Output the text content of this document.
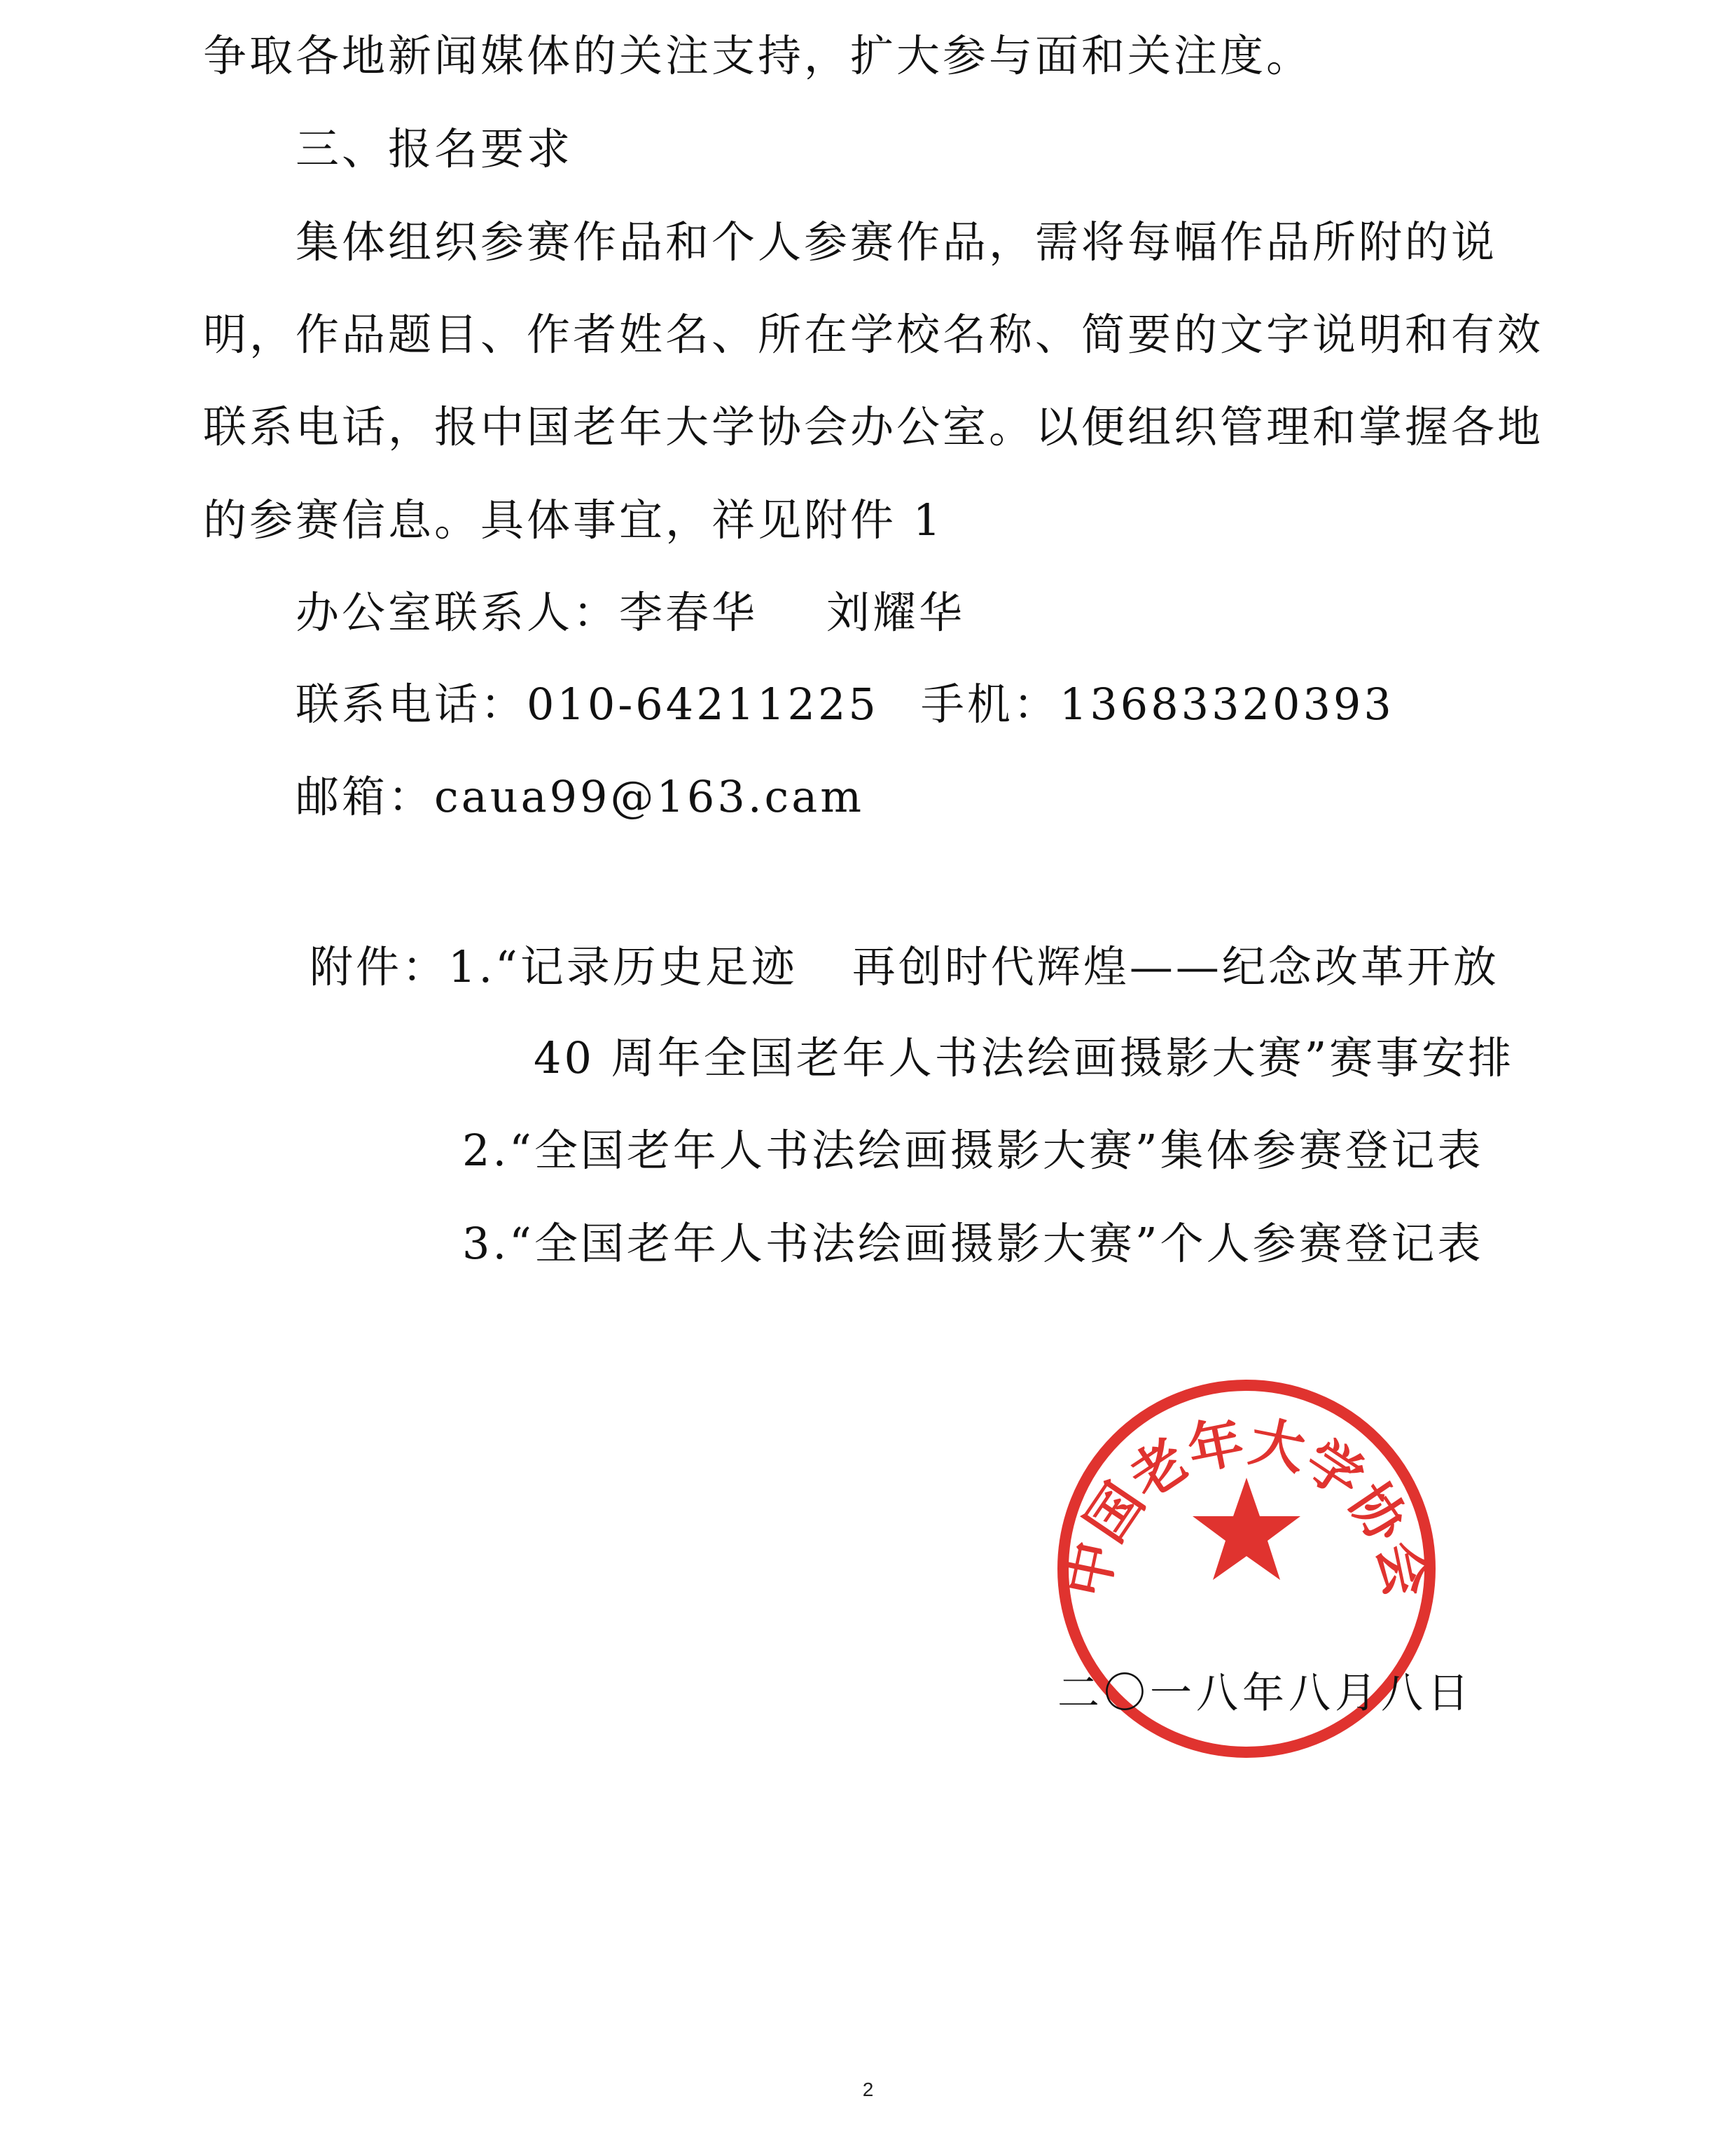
争取各地新闻媒体的关注支持，扩大参与面和关注度。

三、报名要求

集体组织参赛作品和个人参赛作品，需将每幅作品所附的说

明，作品题目、作者姓名、所在学校名称、简要的文字说明和有效

联系电话，报中国老年大学协会办公室。以便组织管理和掌握各地

的参赛信息。具体事宜，祥见附件 1

办公室联系人：李春华 刘耀华

联系电话：010-64211225 手机：13683320393

邮箱：caua99@163.cam

附件：1.“记录历史足迹 再创时代辉煌——纪念改革开放

40 周年全国老年人书法绘画摄影大赛”赛事安排

2.“全国老年人书法绘画摄影大赛”集体参赛登记表

3.“全国老年人书法绘画摄影大赛”个人参赛登记表

中国老年大学协会

二〇一八年八月八日

2
